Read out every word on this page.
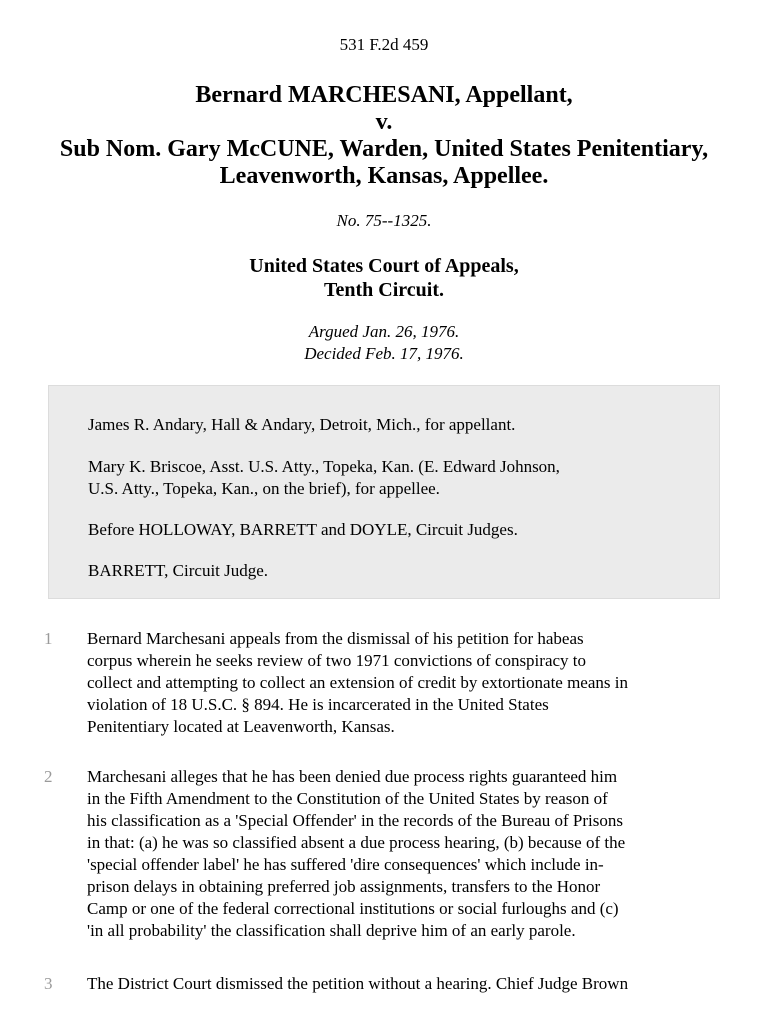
531 F.2d 459
Bernard MARCHESANI, Appellant,
v.
Sub Nom. Gary McCUNE, Warden, United States Penitentiary,
Leavenworth, Kansas, Appellee.
No. 75--1325.
United States Court of Appeals,
Tenth Circuit.
Argued Jan. 26, 1976.
Decided Feb. 17, 1976.

James R. Andary, Hall & Andary, Detroit, Mich., for appellant.

Mary K. Briscoe, Asst. U.S. Atty., Topeka, Kan. (E. Edward Johnson,
U.S. Atty., Topeka, Kan., on the brief), for appellee.

Before HOLLOWAY, BARRETT and DOYLE, Circuit Judges.

BARRETT, Circuit Judge.

1 Bernard Marchesani appeals from the dismissal of his petition for habeas
corpus wherein he seeks review of two 1971 convictions of conspiracy to
collect and attempting to collect an extension of credit by extortionate means in
violation of 18 U.S.C. § 894. He is incarcerated in the United States
Penitentiary located at Leavenworth, Kansas.
2 Marchesani alleges that he has been denied due process rights guaranteed him
in the Fifth Amendment to the Constitution of the United States by reason of
his classification as a 'Special Offender' in the records of the Bureau of Prisons
in that: (a) he was so classified absent a due process hearing, (b) because of the
'special offender label' he has suffered 'dire consequences' which include in-
prison delays in obtaining preferred job assignments, transfers to the Honor
Camp or one of the federal correctional institutions or social furloughs and (c)
'in all probability' the classification shall deprive him of an early parole.
3 The District Court dismissed the petition without a hearing. Chief Judge Brown
